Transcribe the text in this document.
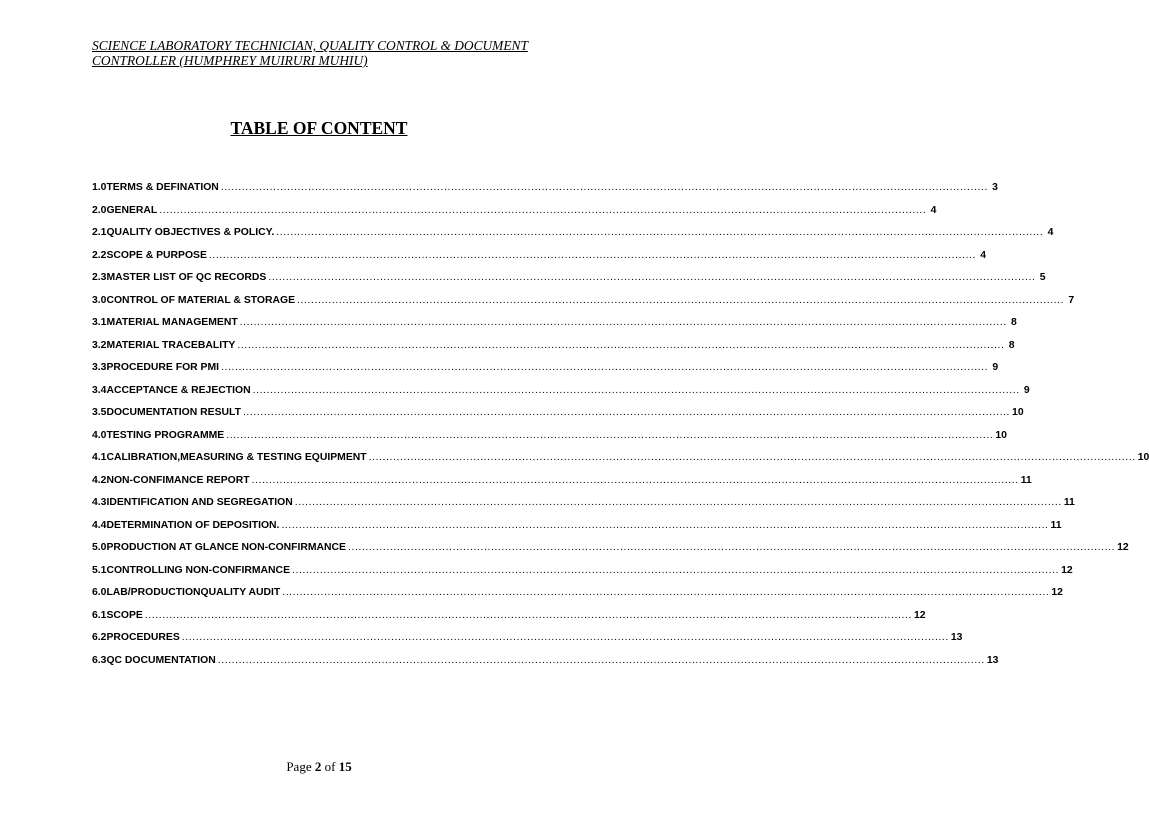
SCIENCE LABORATORY TECHNICIAN, QUALITY CONTROL & DOCUMENT
CONTROLLER (HUMPHREY MUIRURI MUHIU)
TABLE OF CONTENT
1.0TERMS & DEFINATION ............................................................................................................................................................................................................................ 3
2.0GENERAL ............................................................................................................................................................................................................................ 4
2.1QUALITY OBJECTIVES & POLICY. ............................................................................................................................................................................................................................ 4
2.2SCOPE & PURPOSE ............................................................................................................................................................................................................................ 4
2.3MASTER LIST OF QC RECORDS ............................................................................................................................................................................................................................ 5
3.0CONTROL OF MATERIAL & STORAGE ............................................................................................................................................................................................................................ 7
3.1MATERIAL MANAGEMENT ............................................................................................................................................................................................................................ 8
3.2MATERIAL TRACEBALITY ............................................................................................................................................................................................................................ 8
3.3PROCEDURE FOR PMI ............................................................................................................................................................................................................................ 9
3.4ACCEPTANCE & REJECTION ............................................................................................................................................................................................................................ 9
3.5DOCUMENTATION RESULT ............................................................................................................................................................................................................................ 10
4.0TESTING PROGRAMME ............................................................................................................................................................................................................................ 10
4.1CALIBRATION,MEASURING & TESTING EQUIPMENT ............................................................................................................................................................................................................................ 10
4.2NON-CONFIMANCE REPORT ............................................................................................................................................................................................................................ 11
4.3IDENTIFICATION AND SEGREGATION ............................................................................................................................................................................................................................ 11
4.4DETERMINATION OF DEPOSITION. ............................................................................................................................................................................................................................ 11
5.0PRODUCTION AT GLANCE NON-CONFIRMANCE ............................................................................................................................................................................................................................ 12
5.1CONTROLLING NON-CONFIRMANCE ............................................................................................................................................................................................................................ 12
6.0LAB/PRODUCTIONQUALITY AUDIT ............................................................................................................................................................................................................................ 12
6.1SCOPE ............................................................................................................................................................................................................................ 12
6.2PROCEDURES ............................................................................................................................................................................................................................ 13
6.3QC DOCUMENTATION ............................................................................................................................................................................................................................ 13
Page 2 of 15
